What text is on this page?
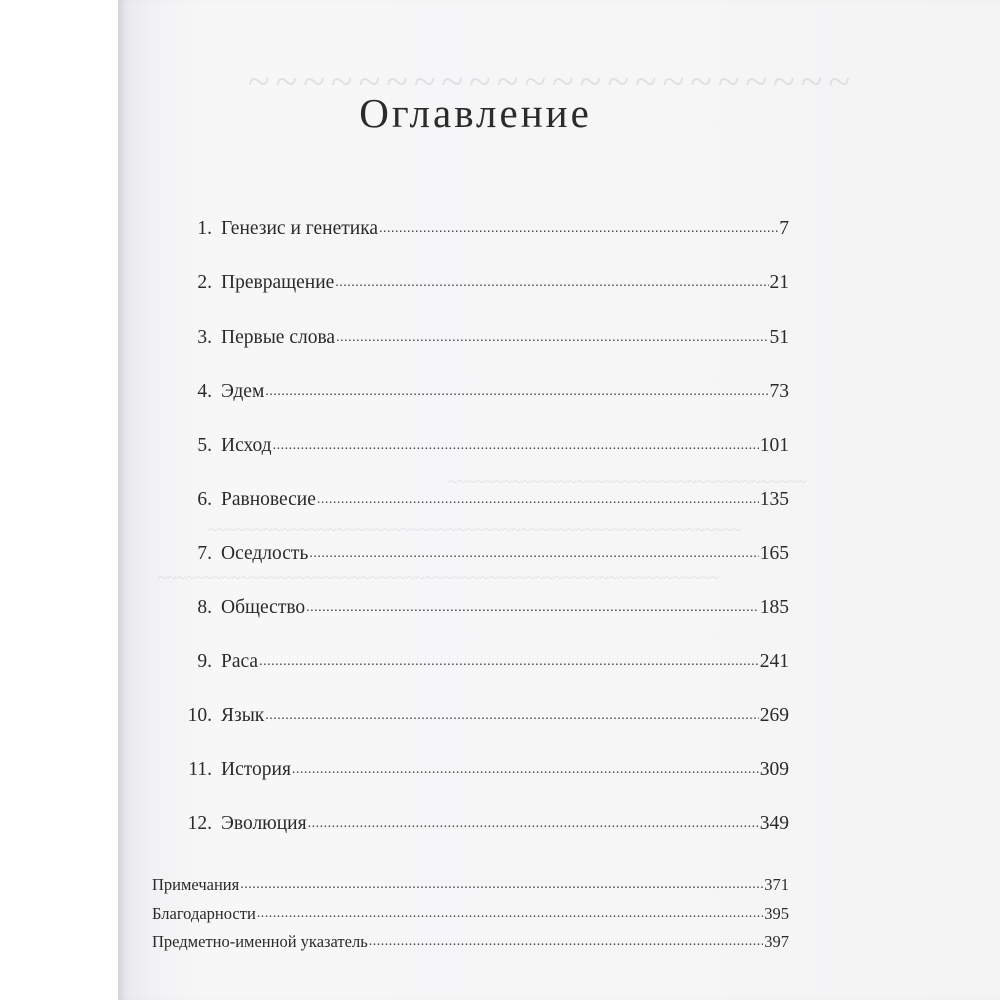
~~~~~~~~~~~~~~~~~~~~~~
~~~~~~~~~~~~~~~~~~~~~~~~~~~~~~~~~~~~~~~
~~~~~~~~~~~~~~~~~~~~~~~~~~~~~~~~~~~~~~~~~~~~~~~~~~~~~~~~~~
~~~~~~~~~~~~~~~~~~~~~~~~~~~~~~~~~~~~~~~~~~~~~~~~~~~~~~~~~~~~~
Оглавление
1. Генезис и генетика .....	7
2. Превращение .....	21
3. Первые слова .....	51
4. Эдем .....	73
5. Исход .....	101
6. Равновесие .....	135
7. Оседлость .....	165
8. Общество .....	185
9. Раса .....	241
10. Язык .....	269
11. История .....	309
12. Эволюция .....	349
Примечания .....	371
Благодарности .....	395
Предметно-именной указатель .....	397
